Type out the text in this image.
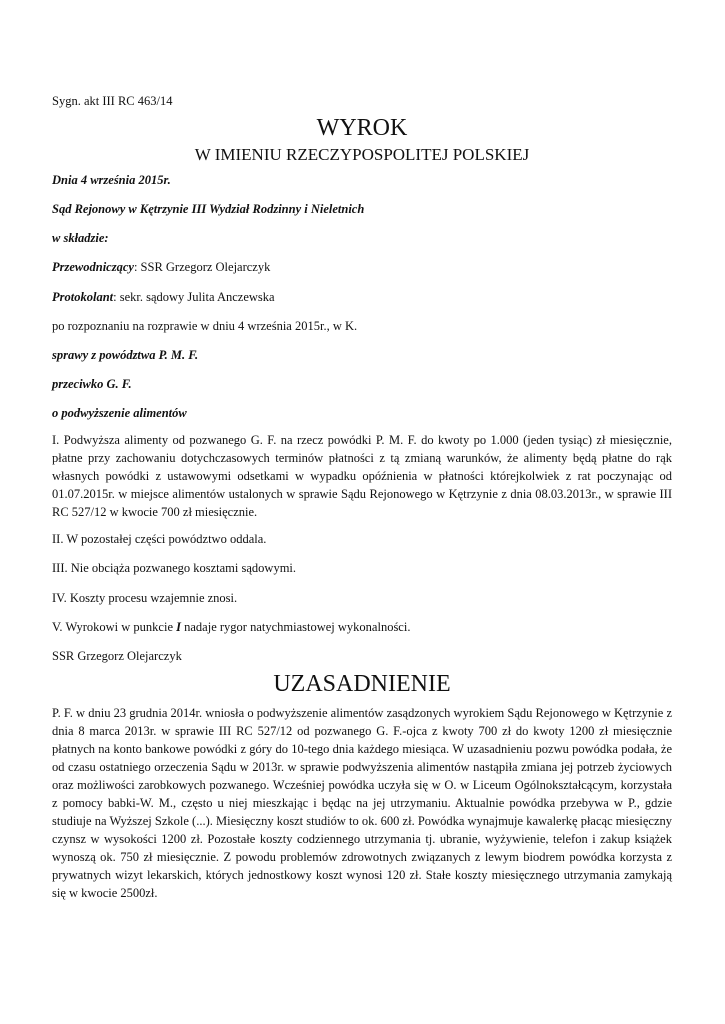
Sygn. akt III RC 463/14

WYROK

W IMIENIU RZECZYPOSPOLITEJ POLSKIEJ

Dnia 4 września 2015r.

Sąd Rejonowy w Kętrzynie III Wydział Rodzinny i Nieletnich

w składzie:

Przewodniczący: SSR Grzegorz Olejarczyk

Protokolant: sekr. sądowy Julita Anczewska

po rozpoznaniu na rozprawie w dniu 4 września 2015r., w K.

sprawy z powództwa P. M. F.

przeciwko G. F.

o podwyższenie alimentów

I. Podwyższa alimenty od pozwanego G. F. na rzecz powódki P. M. F. do kwoty po 1.000 (jeden tysiąc) zł miesięcznie, płatne przy zachowaniu dotychczasowych terminów płatności z tą zmianą warunków, że alimenty będą płatne do rąk własnych powódki z ustawowymi odsetkami w wypadku opóźnienia w płatności którejkolwiek z rat poczynając od 01.07.2015r. w miejsce alimentów ustalonych w sprawie Sądu Rejonowego w Kętrzynie z dnia 08.03.2013r., w sprawie III RC 527/12 w kwocie 700 zł miesięcznie.

II. W pozostałej części powództwo oddala.

III. Nie obciąża pozwanego kosztami sądowymi.

IV. Koszty procesu wzajemnie znosi.

V. Wyrokowi w punkcie I nadaje rygor natychmiastowej wykonalności.

SSR Grzegorz Olejarczyk

UZASADNIENIE

P. F. w dniu 23 grudnia 2014r. wniosła o podwyższenie alimentów zasądzonych wyrokiem Sądu Rejonowego w Kętrzynie z dnia 8 marca 2013r. w sprawie III RC 527/12 od pozwanego G. F.-ojca z kwoty 700 zł do kwoty 1200 zł miesięcznie płatnych na konto bankowe powódki z góry do 10-tego dnia każdego miesiąca. W uzasadnieniu pozwu powódka podała, że od czasu ostatniego orzeczenia Sądu w 2013r. w sprawie podwyższenia alimentów nastąpiła zmiana jej potrzeb życiowych oraz możliwości zarobkowych pozwanego. Wcześniej powódka uczyła się w O. w Liceum Ogólnokształcącym, korzystała z pomocy babki-W. M., często u niej mieszkając i będąc na jej utrzymaniu. Aktualnie powódka przebywa w P., gdzie studiuje na Wyższej Szkole (...). Miesięczny koszt studiów to ok. 600 zł. Powódka wynajmuje kawalerkę płacąc miesięczny czynsz w wysokości 1200 zł. Pozostałe koszty codziennego utrzymania tj. ubranie, wyżywienie, telefon i zakup książek wynoszą ok. 750 zł miesięcznie. Z powodu problemów zdrowotnych związanych z lewym biodrem powódka korzysta z prywatnych wizyt lekarskich, których jednostkowy koszt wynosi 120 zł. Stałe koszty miesięcznego utrzymania zamykają się w kwocie 2500zł.
